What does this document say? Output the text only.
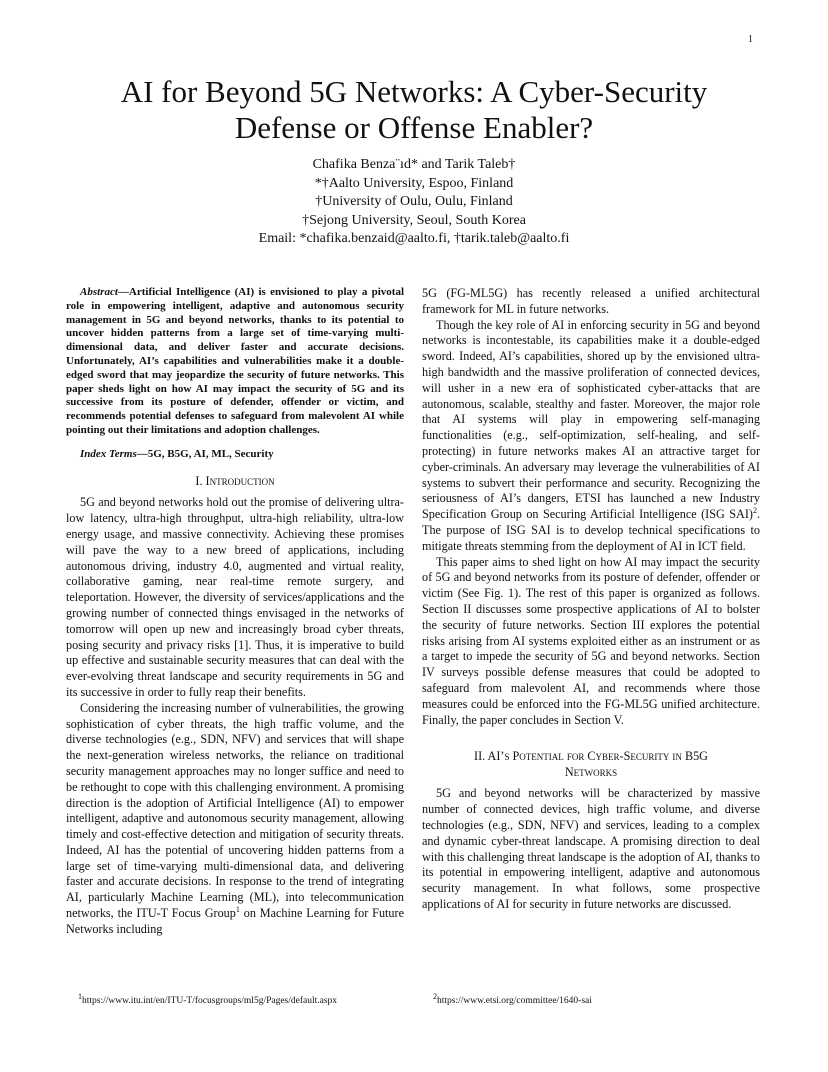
1
AI for Beyond 5G Networks: A Cyber-Security
Defense or Offense Enabler?
Chafika Benza¨ıd* and Tarik Taleb†
*†Aalto University, Espoo, Finland
†University of Oulu, Oulu, Finland
†Sejong University, Seoul, South Korea
Email: *chafika.benzaid@aalto.fi, †tarik.taleb@aalto.fi

Abstract—Artificial Intelligence (AI) is envisioned to play a pivotal role in empowering intelligent, adaptive and autonomous security management in 5G and beyond networks, thanks to its potential to uncover hidden patterns from a large set of time-varying multi-dimensional data, and deliver faster and accurate decisions. Unfortunately, AI’s capabilities and vulnerabilities make it a double-edged sword that may jeopardize the security of future networks. This paper sheds light on how AI may impact the security of 5G and its successive from its posture of defender, offender or victim, and recommends potential defenses to safeguard from malevolent AI while pointing out their limitations and adoption challenges.

Index Terms—5G, B5G, AI, ML, Security

I. Introduction

5G and beyond networks hold out the promise of delivering ultra-low latency, ultra-high throughput, ultra-high reliability, ultra-low energy usage, and massive connectivity. Achieving these promises will pave the way to a new breed of applications, including autonomous driving, industry 4.0, augmented and virtual reality, collaborative gaming, near real-time remote surgery, and teleportation. However, the diversity of services/applications and the growing number of connected things envisaged in the networks of tomorrow will open up new and increasingly broad cyber threats, posing security and privacy risks [1]. Thus, it is imperative to build up effective and sustainable security measures that can deal with the ever-evolving threat landscape and security requirements in 5G and its successive in order to fully reap their benefits.

Considering the increasing number of vulnerabilities, the growing sophistication of cyber threats, the high traffic volume, and the diverse technologies (e.g., SDN, NFV) and services that will shape the next-generation wireless networks, the reliance on traditional security management approaches may no longer suffice and need to be rethought to cope with this challenging environment. A promising direction is the adoption of Artificial Intelligence (AI) to empower intelligent, adaptive and autonomous security management, allowing timely and cost-effective detection and mitigation of security threats. Indeed, AI has the potential of uncovering hidden patterns from a large set of time-varying multi-dimensional data, and delivering faster and accurate decisions. In response to the trend of integrating AI, particularly Machine Learning (ML), into telecommunication networks, the ITU-T Focus Group$^1$ on Machine Learning for Future Networks including

5G (FG-ML5G) has recently released a unified architectural framework for ML in future networks.

Though the key role of AI in enforcing security in 5G and beyond networks is incontestable, its capabilities make it a double-edged sword. Indeed, AI’s capabilities, shored up by the envisioned ultra-high bandwidth and the massive proliferation of connected devices, will usher in a new era of sophisticated cyber-attacks that are autonomous, scalable, stealthy and faster. Moreover, the major role that AI systems will play in empowering self-managing functionalities (e.g., self-optimization, self-healing, and self-protecting) in future networks makes AI an attractive target for cyber-criminals. An adversary may leverage the vulnerabilities of AI systems to subvert their performance and security. Recognizing the seriousness of AI’s dangers, ETSI has launched a new Industry Specification Group on Securing Artificial Intelligence (ISG SAI)$^2$. The purpose of ISG SAI is to develop technical specifications to mitigate threats stemming from the deployment of AI in ICT field.

This paper aims to shed light on how AI may impact the security of 5G and beyond networks from its posture of defender, offender or victim (See Fig. 1). The rest of this paper is organized as follows. Section II discusses some prospective applications of AI to bolster the security of future networks. Section III explores the potential risks arising from AI systems exploited either as an instrument or as a target to impede the security of 5G and beyond networks. Section IV surveys possible defense measures that could be adopted to safeguard from malevolent AI, and recommends where those measures could be enforced into the FG-ML5G unified architecture. Finally, the paper concludes in Section V.

II. AI’s Potential for Cyber-Security in B5G
Networks

5G and beyond networks will be characterized by massive number of connected devices, high traffic volume, and diverse technologies (e.g., SDN, NFV) and services, leading to a complex and dynamic cyber-threat landscape. A promising direction to deal with this challenging threat landscape is the adoption of AI, thanks to its potential in empowering intelligent, adaptive and autonomous security management. In what follows, some prospective applications of AI for security in future networks are discussed.

$^1$https://www.itu.int/en/ITU-T/focusgroups/ml5g/Pages/default.aspx	$^2$https://www.etsi.org/committee/1640-sai
